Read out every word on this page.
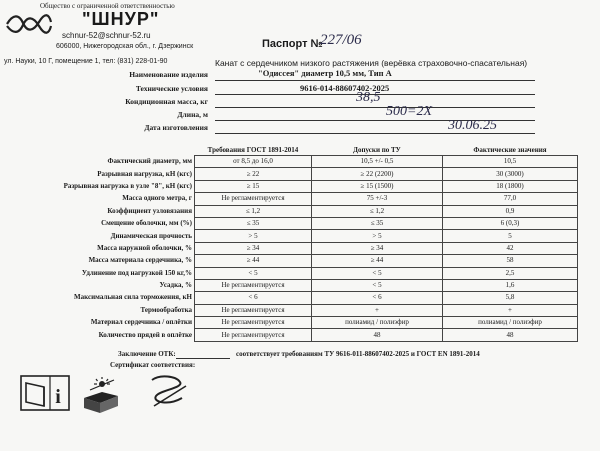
Общество с ограниченной ответственностью
"ШНУР"
schnur-52@schnur-52.ru
606000, Нижегородская обл., г. Дзержинск
ул. Науки, 10 Г, помещение 1, тел: (831) 228-01-90
Паспорт №
227/06
Канат с сердечником низкого растяжения (верёвка страховочно-спасательная)
Наименование изделия	"Одиссея" диаметр 10,5 мм, Тип А
Технические условия	9616-014-88607402-2025
Кондиционная масса, кг	38,5
Длина, м	500=2Х
Дата изготовления	30.06.25
	Требования ГОСТ 1891-2014	Допуски по ТУ	Фактические значения
Фактический диаметр, мм	от 8,5 до 16,0	10,5 +/- 0,5	10,5
Разрывная нагрузка, кН (кгс)	≥ 22	≥ 22 (2200)	30 (3000)
Разрывная нагрузка в узле "8", кН (кгс)	≥ 15	≥ 15 (1500)	18 (1800)
Масса одного метра, г	Не регламентируется	75 +/-3	77,0
Коэффициент узловязания	≤ 1,2	≤ 1,2	0,9
Смещение оболочки, мм (%)	≤ 35	≤ 35	6 (0,3)
Динамическая прочность	> 5	> 5	5
Масса наружной оболочки, %	≥ 34	≥ 34	42
Масса материала сердечника, %	≥ 44	≥ 44	58
Удлинение под нагрузкой 150 кг,%	< 5	< 5	2,5
Усадка, %	Не регламентируется	< 5	1,6
Максимальная сила торможения, кН	< 6	< 6	5,8
Термообработка	Не регламентируется	+	+
Материал сердечника / оплётки	Не регламентируется	полиамид / полиэфир	полиамид / полиэфир
Количество прядей в оплётке	Не регламентируется	48	48
Заключение ОТК:	соответствует требованиям ТУ 9616-011-88607402-2025 и ГОСТ EN 1891-2014
Сертификат соответствия:
i
